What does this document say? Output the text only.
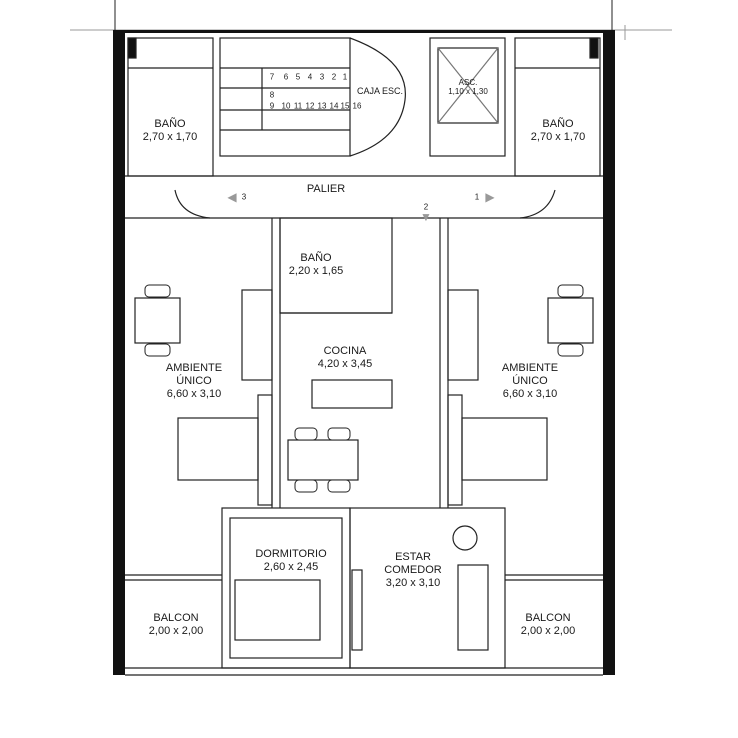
BAÑO
2,70 x 1,70
BAÑO
2,70 x 1,70
CAJA ESC.
ASC.
1,10 x 1,30
PALIER
BAÑO
2,20 x 1,65
COCINA
4,20 x 3,45
AMBIENTE
ÚNICO
6,60 x 3,10
AMBIENTE
ÚNICO
6,60 x 3,10
DORMITORIO
2,60 x 2,45
ESTAR
COMEDOR
3,20 x 3,10
BALCON
2,00 x 2,00
BALCON
2,00 x 2,00
7 6 5 4 3 2 1
8
9 10 11 12 13 14 15 16
◀ 3
2
▼
1 ▶
